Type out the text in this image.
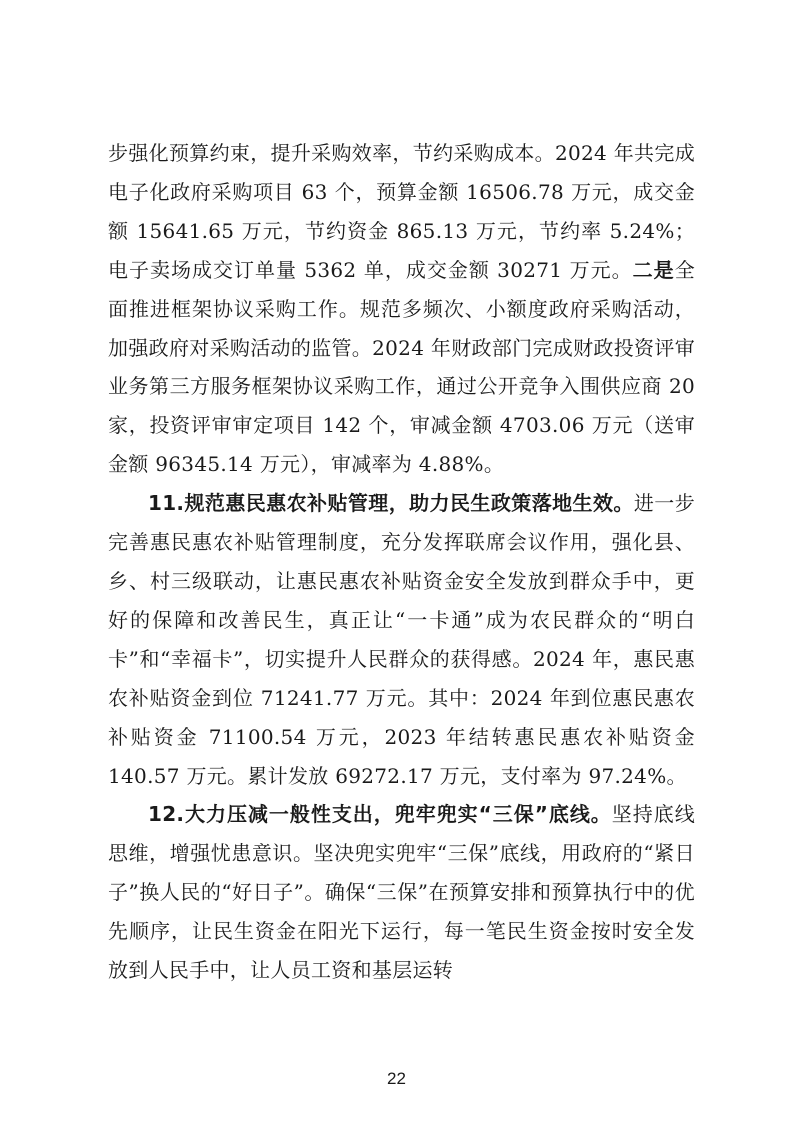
步强化预算约束，提升采购效率，节约采购成本。2024 年共完成电子化政府采购项目 63 个，预算金额 16506.78 万元，成交金额 15641.65 万元，节约资金 865.13 万元，节约率 5.24%；电子卖场成交订单量 5362 单，成交金额 30271 万元。二是全面推进框架协议采购工作。规范多频次、小额度政府采购活动，加强政府对采购活动的监管。2024 年财政部门完成财政投资评审业务第三方服务框架协议采购工作，通过公开竞争入围供应商 20 家，投资评审审定项目 142 个，审减金额 4703.06 万元（送审金额 96345.14 万元），审减率为 4.88%。

11.规范惠民惠农补贴管理，助力民生政策落地生效。进一步完善惠民惠农补贴管理制度，充分发挥联席会议作用，强化县、乡、村三级联动，让惠民惠农补贴资金安全发放到群众手中，更好的保障和改善民生，真正让“一卡通”成为农民群众的“明白卡”和“幸福卡”，切实提升人民群众的获得感。2024 年，惠民惠农补贴资金到位 71241.77 万元。其中：2024 年到位惠民惠农补贴资金 71100.54 万元，2023 年结转惠民惠农补贴资金 140.57 万元。累计发放 69272.17 万元，支付率为 97.24%。

12.大力压减一般性支出，兜牢兜实“三保”底线。坚持底线思维，增强忧患意识。坚决兜实兜牢“三保”底线，用政府的“紧日子”换人民的“好日子”。确保“三保”在预算安排和预算执行中的优先顺序，让民生资金在阳光下运行，每一笔民生资金按时安全发放到人民手中，让人员工资和基层运转

22
